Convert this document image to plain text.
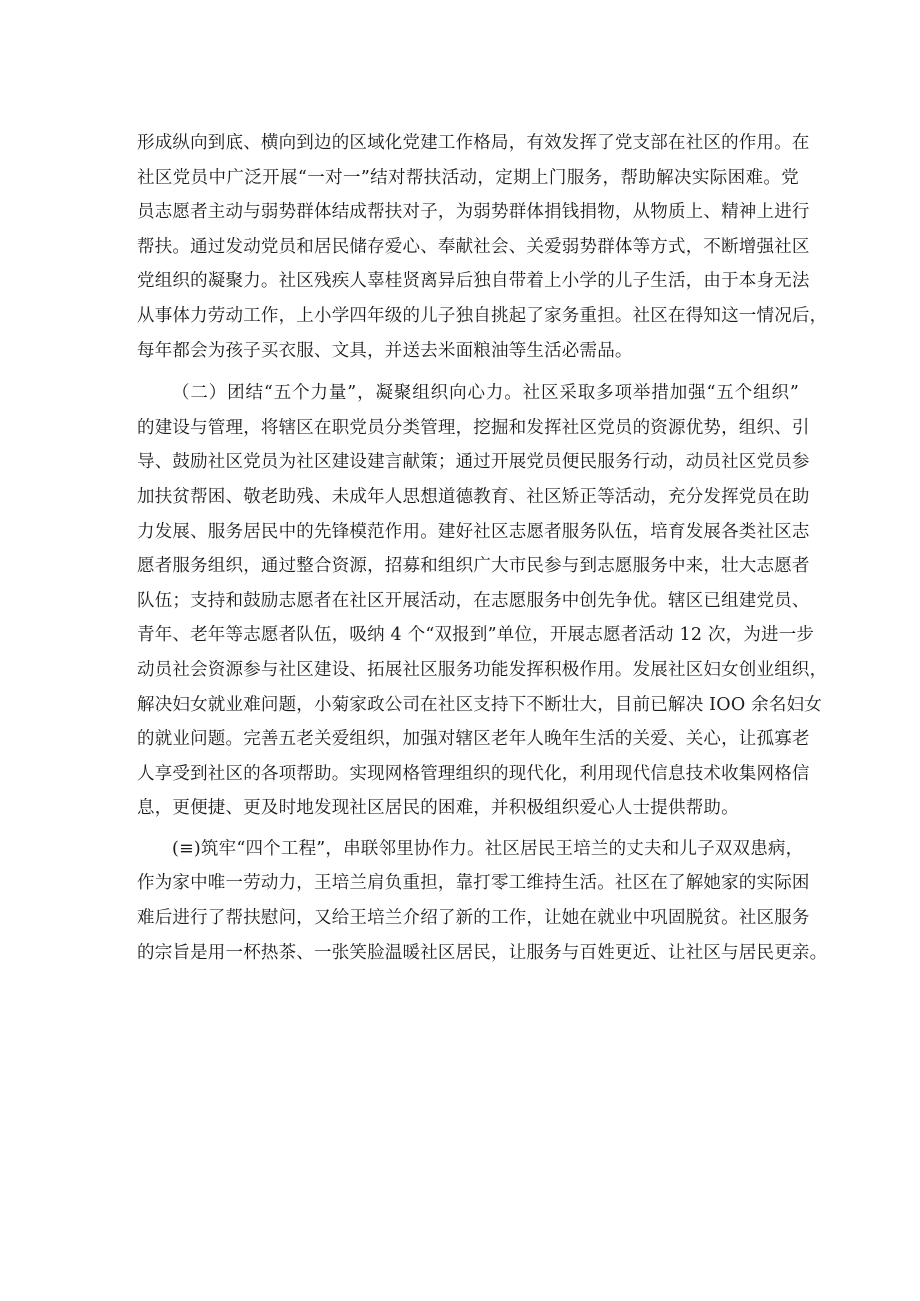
形成纵向到底、横向到边的区域化党建工作格局，有效发挥了党支部在社区的作用。在
社区党员中广泛开展“一对一”结对帮扶活动，定期上门服务，帮助解决实际困难。党
员志愿者主动与弱势群体结成帮扶对子，为弱势群体捐钱捐物，从物质上、精神上进行
帮扶。通过发动党员和居民储存爱心、奉献社会、关爱弱势群体等方式，不断增强社区
党组织的凝聚力。社区残疾人辜桂贤离异后独自带着上小学的儿子生活，由于本身无法
从事体力劳动工作，上小学四年级的儿子独自挑起了家务重担。社区在得知这一情况后，
每年都会为孩子买衣服、文具，并送去米面粮油等生活必需品。
（二）团结“五个力量”，凝聚组织向心力。社区采取多项举措加强“五个组织”
的建设与管理，将辖区在职党员分类管理，挖掘和发挥社区党员的资源优势，组织、引
导、鼓励社区党员为社区建设建言献策；通过开展党员便民服务行动，动员社区党员参
加扶贫帮困、敬老助残、未成年人思想道德教育、社区矫正等活动，充分发挥党员在助
力发展、服务居民中的先锋模范作用。建好社区志愿者服务队伍，培育发展各类社区志
愿者服务组织，通过整合资源，招募和组织广大市民参与到志愿服务中来，壮大志愿者
队伍；支持和鼓励志愿者在社区开展活动，在志愿服务中创先争优。辖区已组建党员、
青年、老年等志愿者队伍，吸纳 4 个“双报到”单位，开展志愿者活动 12 次，为进一步
动员社会资源参与社区建设、拓展社区服务功能发挥积极作用。发展社区妇女创业组织，
解决妇女就业难问题，小菊家政公司在社区支持下不断壮大，目前已解决 IOO 余名妇女
的就业问题。完善五老关爱组织，加强对辖区老年人晚年生活的关爱、关心，让孤寡老
人享受到社区的各项帮助。实现网格管理组织的现代化，利用现代信息技术收集网格信
息，更便捷、更及时地发现社区居民的困难，并积极组织爱心人士提供帮助。
(≡)筑牢“四个工程”，串联邻里协作力。社区居民王培兰的丈夫和儿子双双患病，
作为家中唯一劳动力，王培兰肩负重担，靠打零工维持生活。社区在了解她家的实际困
难后进行了帮扶慰问，又给王培兰介绍了新的工作，让她在就业中巩固脱贫。社区服务
的宗旨是用一杯热茶、一张笑脸温暖社区居民，让服务与百姓更近、让社区与居民更亲。
